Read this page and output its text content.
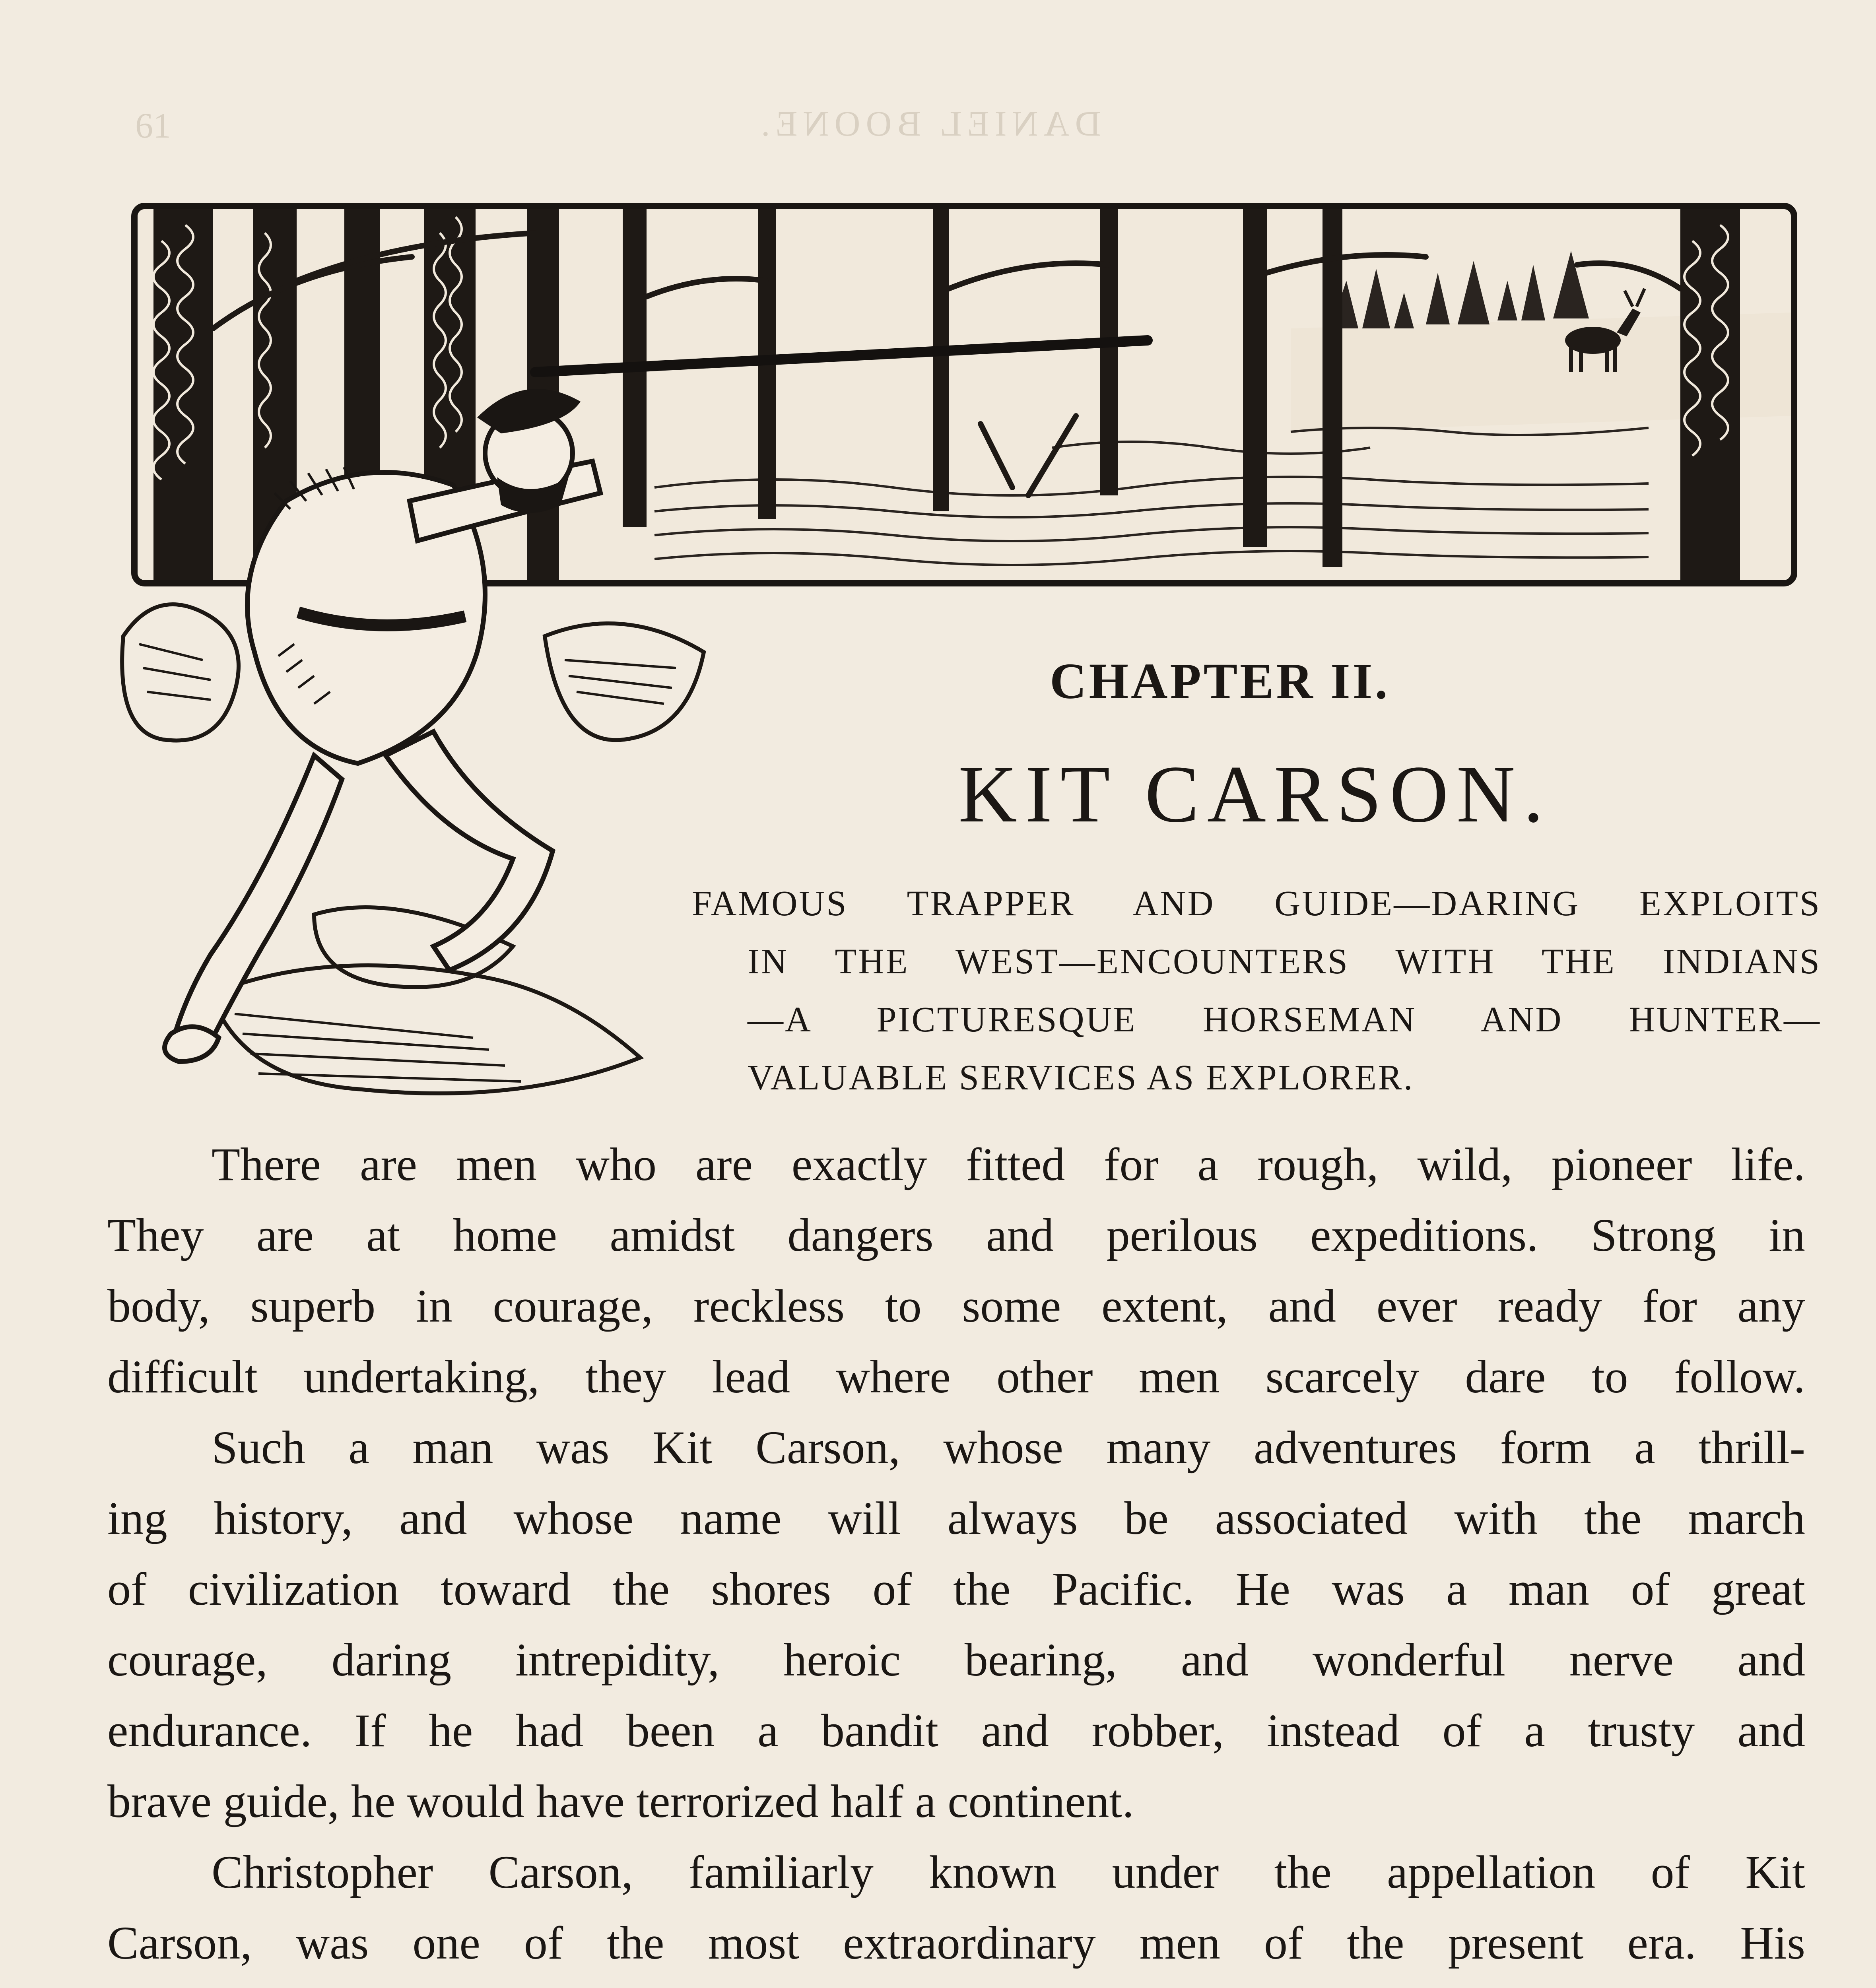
DANIEL BOONE.
61
CHAPTER II.
KIT CARSON.
FAMOUS TRAPPER AND GUIDE—DARING EXPLOITS
IN THE WEST—ENCOUNTERS WITH THE INDIANS
—A PICTURESQUE HORSEMAN AND HUNTER—
VALUABLE SERVICES AS EXPLORER.
There are men who are exactly fitted for a rough, wild, pioneer life.
They are at home amidst dangers and perilous expeditions. Strong in
body, superb in courage, reckless to some extent, and ever ready for any
difficult undertaking, they lead where other men scarcely dare to follow.
Such a man was Kit Carson, whose many adventures form a thrill-
ing history, and whose name will always be associated with the march
of civilization toward the shores of the Pacific. He was a man of great
courage, daring intrepidity, heroic bearing, and wonderful nerve and
endurance. If he had been a bandit and robber, instead of a trusty and
brave guide, he would have terrorized half a continent.
Christopher Carson, familiarly known under the appellation of Kit
Carson, was one of the most extraordinary men of the present era. His
